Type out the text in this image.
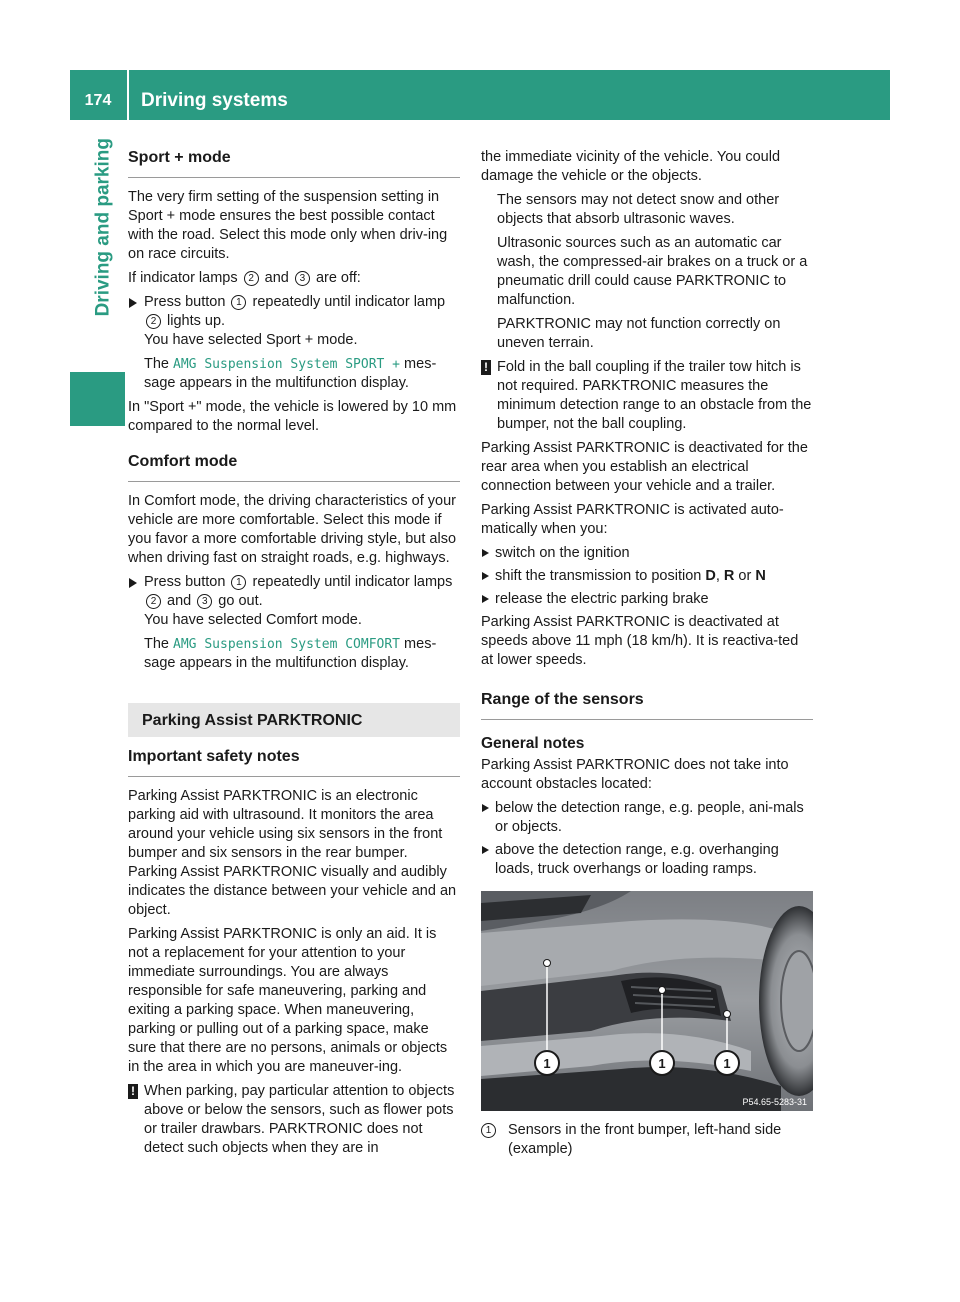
174	Driving systems
Driving and parking Sport + mode

The very firm setting of the suspension setting in Sport + mode ensures the best possible contact with the road. Select this mode only when driv-ing on race circuits.

If indicator lamps 2 and 3 are off:

Press button 1 repeatedly until indicator lamp 2 lights up.
You have selected Sport + mode.

The AMG Suspension System SPORT + mes-sage appears in the multifunction display.

In "Sport +" mode, the vehicle is lowered by 10 mm compared to the normal level.

Comfort mode

In Comfort mode, the driving characteristics of your vehicle are more comfortable. Select this mode if you favor a more comfortable driving style, but also when driving fast on straight roads, e.g. highways.

Press button 1 repeatedly until indicator lamps 2 and 3 go out.
You have selected Comfort mode.

The AMG Suspension System COMFORT mes-sage appears in the multifunction display.

Parking Assist PARKTRONIC
Important safety notes

Parking Assist PARKTRONIC is an electronic parking aid with ultrasound. It monitors the area around your vehicle using six sensors in the front bumper and six sensors in the rear bumper. Parking Assist PARKTRONIC visually and audibly indicates the distance between your vehicle and an object.

Parking Assist PARKTRONIC is only an aid. It is not a replacement for your attention to your immediate surroundings. You are always responsible for safe maneuvering, parking and exiting a parking space. When maneuvering, parking or pulling out of a parking space, make sure that there are no persons, animals or objects in the area in which you are maneuver-ing.

! When parking, pay particular attention to objects above or below the sensors, such as flower pots or trailer drawbars. PARKTRONIC does not detect such objects when they are in

the immediate vicinity of the vehicle. You could damage the vehicle or the objects.

The sensors may not detect snow and other objects that absorb ultrasonic waves.

Ultrasonic sources such as an automatic car wash, the compressed-air brakes on a truck or a pneumatic drill could cause PARKTRONIC to malfunction.

PARKTRONIC may not function correctly on uneven terrain.

! Fold in the ball coupling if the trailer tow hitch is not required. PARKTRONIC measures the minimum detection range to an obstacle from the bumper, not the ball coupling.

Parking Assist PARKTRONIC is deactivated for the rear area when you establish an electrical connection between your vehicle and a trailer.

Parking Assist PARKTRONIC is activated auto-matically when you:

switch on the ignition
shift the transmission to position D, R or N
release the electric parking brake

Parking Assist PARKTRONIC is deactivated at speeds above 11 mph (18 km/h). It is reactiva-ted at lower speeds.

Range of the sensors
General notes

Parking Assist PARKTRONIC does not take into account obstacles located:

below the detection range, e.g. people, ani-mals or objects.
above the detection range, e.g. overhanging loads, truck overhangs or loading ramps.
1	1	1
P54.65-5283-31
1	Sensors in the front bumper, left-hand side (example)
